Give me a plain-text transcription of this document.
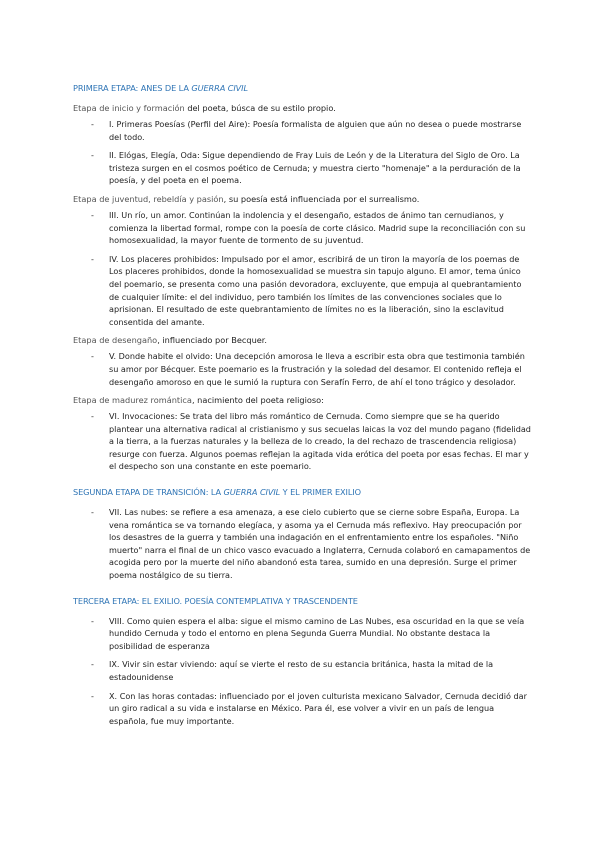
PRIMERA ETAPA: ANES DE LA GUERRA CIVIL
Etapa de inicio y formación del poeta, búsca de su estilo propio.
- I. Primeras Poesías (Perfil del Aire): Poesía formalista de alguien que aún no desea o puede mostrarse del todo.
- II. Elógas, Elegía, Oda: Sigue dependiendo de Fray Luis de León y de la Literatura del Siglo de Oro. La tristeza surgen en el cosmos poético de Cernuda; y muestra cierto "homenaje" a la perduración de la poesía, y del poeta en el poema.
Etapa de juventud, rebeldía y pasión, su poesía está influenciada por el surrealismo.
- III. Un río, un amor. Continúan la indolencia y el desengaño, estados de ánimo tan cernudianos, y comienza la libertad formal, rompe con la poesía de corte clásico. Madrid supe la reconciliación con su homosexualidad, la mayor fuente de tormento de su juventud.
- IV. Los placeres prohibidos: Impulsado por el amor, escribirá de un tiron la mayoría de los poemas de Los placeres prohibidos, donde la homosexualidad se muestra sin tapujo alguno. El amor, tema único del poemario, se presenta como una pasión devoradora, excluyente, que empuja al quebrantamiento de cualquier límite: el del individuo, pero también los límites de las convenciones sociales que lo aprisionan. El resultado de este quebrantamiento de límites no es la liberación, sino la esclavitud consentida del amante.
Etapa de desengaño, influenciado por Becquer.
- V. Donde habite el olvido: Una decepción amorosa le lleva a escribir esta obra que testimonia también su amor por Bécquer. Este poemario es la frustración y la soledad del desamor. El contenido refleja el desengaño amoroso en que le sumió la ruptura con Serafín Ferro, de ahí el tono trágico y desolador.
Etapa de madurez romántica, nacimiento del poeta religioso:
- VI. Invocaciones: Se trata del libro más romántico de Cernuda. Como siempre que se ha querido plantear una alternativa radical al cristianismo y sus secuelas laicas la voz del mundo pagano (fidelidad a la tierra, a la fuerzas naturales y la belleza de lo creado, la del rechazo de trascendencia religiosa) resurge con fuerza. Algunos poemas reflejan la agitada vida erótica del poeta por esas fechas. El mar y el despecho son una constante en este poemario.
SEGUNDA ETAPA DE TRANSICIÓN: LA GUERRA CIVIL Y EL PRIMER EXILIO
- VII. Las nubes: se refiere a esa amenaza, a ese cielo cubierto que se cierne sobre España, Europa. La vena romántica se va tornando elegíaca, y asoma ya el Cernuda más reflexivo. Hay preocupación por los desastres de la guerra y también una indagación en el enfrentamiento entre los españoles. "Niño muerto" narra el final de un chico vasco evacuado a Inglaterra, Cernuda colaboró en camapamentos de acogida pero por la muerte del niño abandonó esta tarea, sumido en una depresión. Surge el primer poema nostálgico de su tierra.
TERCERA ETAPA: EL EXILIO. POESÍA CONTEMPLATIVA Y TRASCENDENTE
- VIII. Como quien espera el alba: sigue el mismo camino de Las Nubes, esa oscuridad en la que se veía hundido Cernuda y todo el entorno en plena Segunda Guerra Mundial. No obstante destaca la posibilidad de esperanza
- IX. Vivir sin estar viviendo: aquí se vierte el resto de su estancia británica, hasta la mitad de la estadounidense
- X. Con las horas contadas: influenciado por el joven culturista mexicano Salvador, Cernuda decidió dar un giro radical a su vida e instalarse en México. Para él, ese volver a vivir en un país de lengua española, fue muy importante.
